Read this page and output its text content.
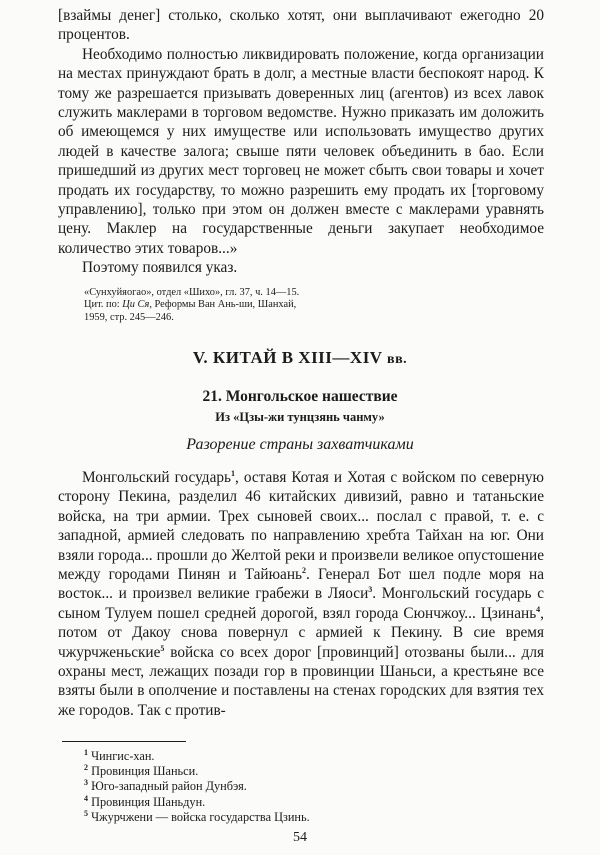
[взаймы денег] столько, сколько хотят, они выплачивают ежегодно 20 процентов.

Необходимо полностью ликвидировать положение, когда организации на местах принуждают брать в долг, а местные власти беспокоят народ. К тому же разрешается призывать доверенных лиц (агентов) из всех лавок служить маклерами в торговом ведомстве. Нужно приказать им доложить об имеющемся у них имуществе или использовать имущество других людей в качестве залога; свыше пяти человек объединить в бао. Если пришедший из других мест торговец не может сбыть свои товары и хочет продать их государству, то можно разрешить ему продать их [торговому управлению], только при этом он должен вместе с маклерами уравнять цену. Маклер на государственные деньги закупает необходимое количество этих товаров...»

Поэтому появился указ.

«Сунхуйяогао», отдел «Шихо», гл. 37, ч. 14—15.
Цит. по: Ци Ся, Реформы Ван Ань-ши, Шанхай,
1959, стр. 245—246.
V. КИТАЙ В XIII—XIV вв.
21. Монгольское нашествие
Из «Цзы-жи тунцзянь чанму»
Разорение страны захватчиками

Монгольский государь$^1$, оставя Котая и Хотая с войском по северную сторону Пекина, разделил 46 китайских дивизий, равно и татаньские войска, на три армии. Трех сыновей своих... послал с правой, т. е. с западной, армией следовать по направлению хребта Тайхан на юг. Они взяли города... прошли до Желтой реки и произвели великое опустошение между городами Пинян и Тайюань$^2$. Генерал Бот шел подле моря на восток... и произвел великие грабежи в Ляоси$^3$. Монгольский государь с сыном Тулуем пошел средней дорогой, взял города Сюнчжоу... Цзинань$^4$, потом от Дакоу снова повернул с армией к Пекину. В сие время чжурчженьские$^5$ войска со всех дорог [провинций] отозваны были... для охраны мест, лежащих позади гор в провинции Шаньси, а крестьяне все взяты были в ополчение и поставлены на стенах городских для взятия тех же городов. Так с против-

$^1$ Чингис-хан.
$^2$ Провинция Шаньси.
$^3$ Юго-западный район Дунбэя.
$^4$ Провинция Шаньдун.
$^5$ Чжурчжени — войска государства Цзинь.
54
